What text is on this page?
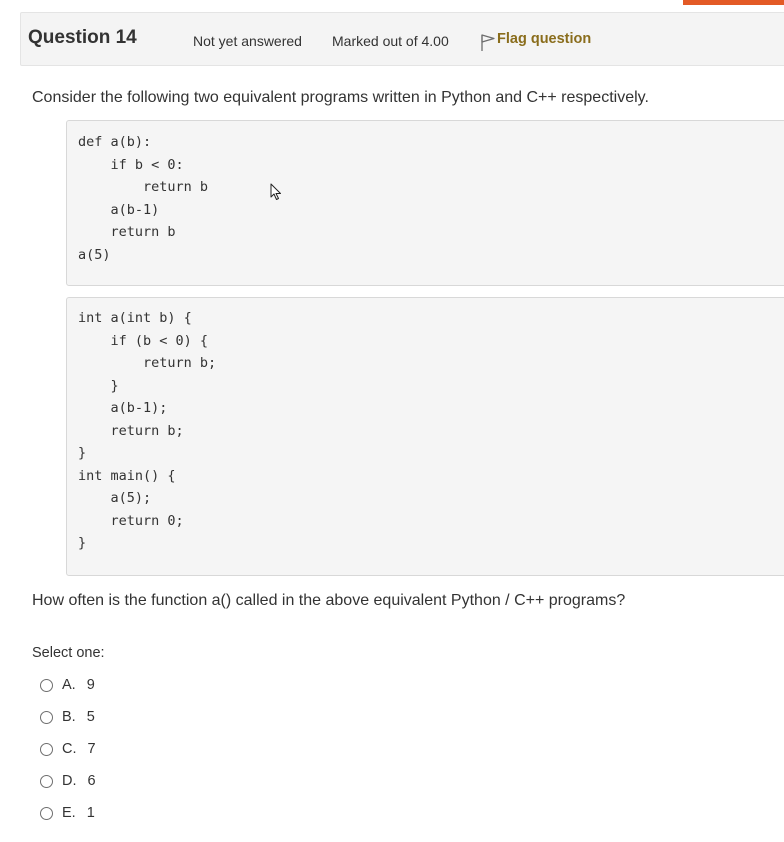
Question 14	Not yet answered Marked out of 4.00	Flag question
Consider the following two equivalent programs written in Python and C++ respectively.
def a(b):
if b < 0:
return b
a(b-1)
return b
a(5)
int a(int b) {
if (b < 0) {
return b;
}
a(b-1);
return b;
}
int main() {
a(5);
return 0;
}
How often is the function a() called in the above equivalent Python / C++ programs?
Select one:
A. 9
B. 5
C. 7
D. 6
E. 1
